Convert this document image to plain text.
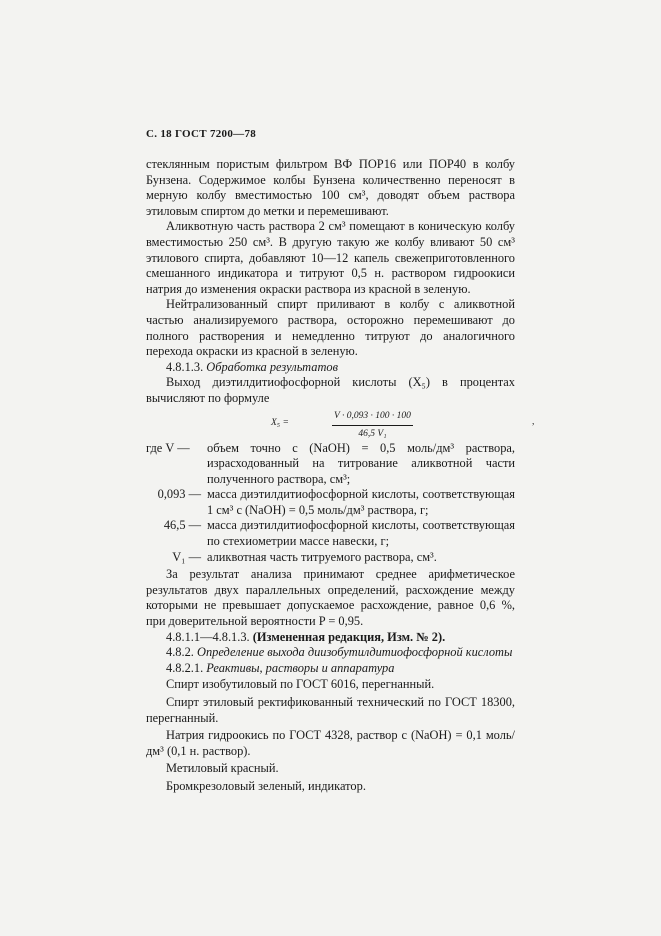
С. 18 ГОСТ 7200—78

стеклянным пористым фильтром ВФ ПОР16 или ПОР40 в колбу Бунзена. Содержимое колбы Бунзена количественно переносят в мерную колбу вместимостью 100 см³, доводят объем раствора этиловым спиртом до метки и перемешивают.

Аликвотную часть раствора 2 см³ помещают в коническую колбу вместимостью 250 см³. В другую такую же колбу вливают 50 см³ этилового спирта, добавляют 10—12 капель свежеприготовленного смешанного индикатора и титруют 0,5 н. раствором гидроокиси натрия до изменения окраски раствора из красной в зеленую.

Нейтрализованный спирт приливают в колбу с аликвотной частью анализируемого раствора, осторожно перемешивают до полного растворения и немедленно титруют до аналогичного перехода окраски из красной в зеленую.

4.8.1.3. Обработка результатов

Выход диэтилдитиофосфорной кислоты (X₅) в процентах вычисляют по формуле

X₅ =	$\frac{V \cdot 0,093 \cdot 100 \cdot 100}{\text{46,5 V₁}}$	,
где V —	объем точно c (NaOH) = 0,5 моль/дм³ раствора, израсходованный на титрование аликвотной части полученного раствора, см³;
0,093 — масса диэтилдитиофосфорной кислоты, соответствующая 1 см³ c (NaOH) = 0,5 моль/дм³ раствора, г;
46,5 — масса диэтилдитиофосфорной кислоты, соответствующая по стехиометрии массе навески, г;
V₁ — аликвотная часть титруемого раствора, см³.

За результат анализа принимают среднее арифметическое результатов двух параллельных определений, расхождение между которыми не превышает допускаемое расхождение, равное 0,6 %, при доверительной вероятности P = 0,95.

4.8.1.1—4.8.1.3. (Измененная редакция, Изм. № 2).

4.8.2. Определение выхода диизобутилдитиофосфорной кислоты

4.8.2.1. Реактивы, растворы и аппаратура

Спирт изобутиловый по ГОСТ 6016, перегнанный.

Спирт этиловый ректификованный технический по ГОСТ 18300, перегнанный.

Натрия гидроокись по ГОСТ 4328, раствор c (NaOH) = 0,1 моль/дм³ (0,1 н. раствор).

Метиловый красный.

Бромкрезоловый зеленый, индикатор.
